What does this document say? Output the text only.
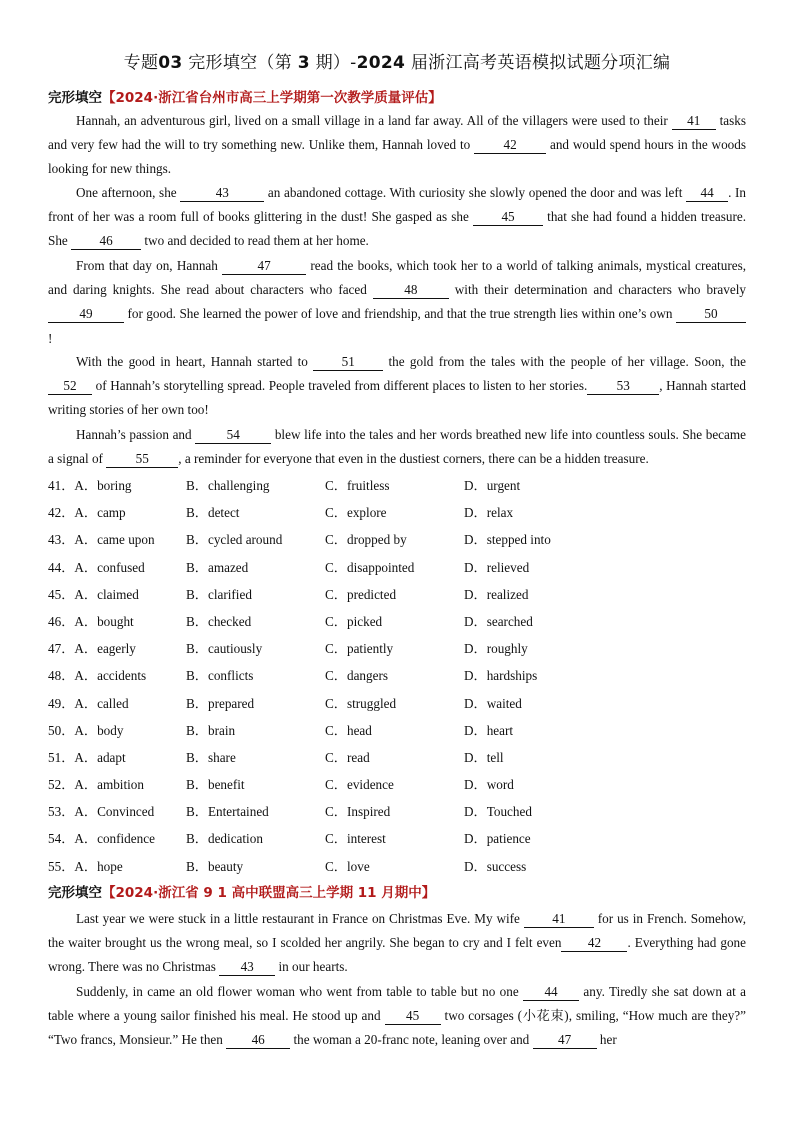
专题03 完形填空（第 3 期）-2024 届浙江高考英语模拟试题分项汇编
完形填空【2024·浙江省台州市高三上学期第一次教学质量评估】
Hannah, an adventurous girl, lived on a small village in a land far away. All of the villagers were used to their 41 tasks and very few had the will to try something new. Unlike them, Hannah loved to 42 and would spend hours in the woods looking for new things.
One afternoon, she	43	an abandoned cottage. With curiosity she slowly opened the door and was left 44 . In front of her was a room full of books glittering in the dust! She gasped as she 45 that she had found a hidden treasure. She 46 two and decided to read them at her home.
From that day on, Hannah	47	read the books, which took her to a world of talking animals, mystical creatures, and daring knights. She read about characters who faced 48 with their determination and characters who bravely 49 for good. She learned the power of love and friendship, and that the true strength lies within one’s own 50!
With the good in heart, Hannah started to 51 the gold from the tales with the people of her village. Soon, the 52 of Hannah’s storytelling spread. People traveled from different places to listen to her stories. 53 , Hannah started writing stories of her own too!
Hannah’s passion and 54 blew life into the tales and her words breathed new life into countless souls. She became a signal of 55 , a reminder for everyone that even in the dustiest corners, there can be a hidden treasure.
41．A．boring	B．challenging	C．fruitless	D．urgent
42．A．camp	B．detect	C．explore	D．relax
43．A．came upon B．cycled around	C．dropped by	D．stepped into
44．A．confused	B．amazed	C．disappointed	D．relieved
45．A．claimed	B．clarified	C．predicted	D．realized
46．A．bought	B．checked	C．picked	D．searched
47．A．eagerly	B．cautiously	C．patiently	D．roughly
48．A．accidents	B．conflicts	C．dangers	D．hardships
49．A．called	B．prepared	C．struggled	D．waited
50．A．body	B．brain	C．head	D．heart
51．A．adapt	B．share	C．read	D．tell
52．A．ambition	B．benefit	C．evidence	D．word
53．A．Convinced B．Entertained	C．Inspired	D．Touched
54．A．confidence B．dedication	C．interest	D．patience
55．A．hope	B．beauty	C．love	D．success
完形填空【2024·浙江省 9 1 高中联盟高三上学期 11 月期中】
Last year we were stuck in a little restaurant in France on Christmas Eve. My wife 41 for us in French. Somehow, the waiter brought us the wrong meal, so I scolded her angrily. She began to cry and I felt even 42 . Everything had gone wrong. There was no Christmas 43 in our hearts.
Suddenly, in came an old flower woman who went from table to table but no one 44 any. Tiredly she sat down at a table where a young sailor finished his meal. He stood up and 45 two corsages (小花束), smiling, “How much are they?” “Two francs, Monsieur.” He then 46 the woman a 20-franc note, leaning over and 47 her
